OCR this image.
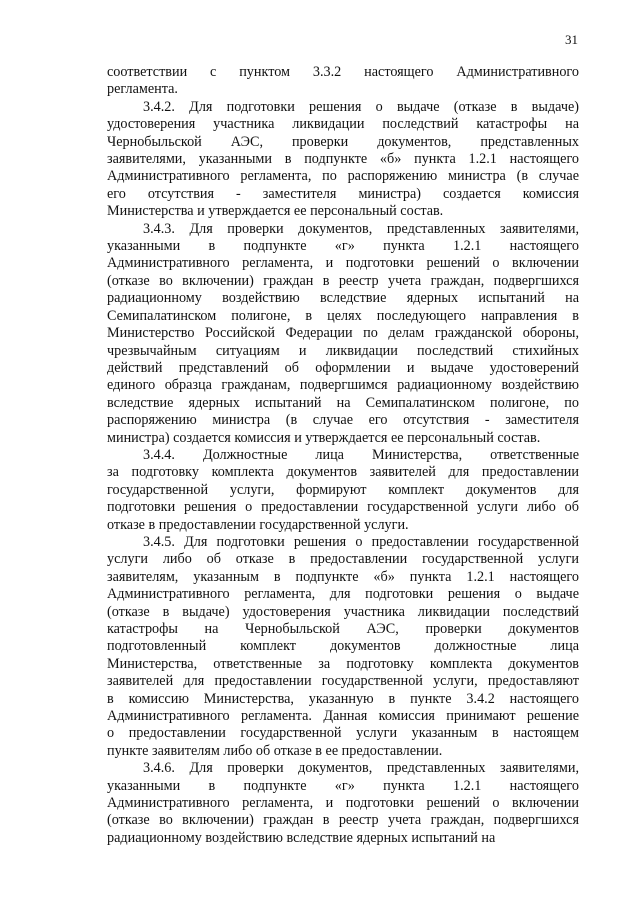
31
соответствии с пунктом 3.3.2 настоящего Административного
регламента.
3.4.2. Для подготовки решения о выдаче (отказе в выдаче)
удостоверения участника ликвидации последствий катастрофы на
Чернобыльской АЭС, проверки документов, представленных
заявителями, указанными в подпункте «б» пункта 1.2.1 настоящего
Административного регламента, по распоряжению министра (в случае
его отсутствия - заместителя министра) создается комиссия
Министерства и утверждается ее персональный состав.
3.4.3. Для проверки документов, представленных заявителями,
указанными в подпункте «г» пункта 1.2.1 настоящего
Административного регламента, и подготовки решений о включении
(отказе во включении) граждан в реестр учета граждан, подвергшихся
радиационному воздействию вследствие ядерных испытаний на
Семипалатинском полигоне, в целях последующего направления в
Министерство Российской Федерации по делам гражданской обороны,
чрезвычайным ситуациям и ликвидации последствий стихийных
действий представлений об оформлении и выдаче удостоверений
единого образца гражданам, подвергшимся радиационному воздействию
вследствие ядерных испытаний на Семипалатинском полигоне, по
распоряжению министра (в случае его отсутствия - заместителя
министра) создается комиссия и утверждается ее персональный состав.
3.4.4. Должностные лица Министерства, ответственные
за подготовку комплекта документов заявителей для предоставлении
государственной услуги, формируют комплект документов для
подготовки решения о предоставлении государственной услуги либо об
отказе в предоставлении государственной услуги.
3.4.5. Для подготовки решения о предоставлении государственной
услуги либо об отказе в предоставлении государственной услуги
заявителям, указанным в подпункте «б» пункта 1.2.1 настоящего
Административного регламента, для подготовки решения о выдаче
(отказе в выдаче) удостоверения участника ликвидации последствий
катастрофы на Чернобыльской АЭС, проверки документов
подготовленный комплект документов должностные лица
Министерства, ответственные за подготовку комплекта документов
заявителей для предоставлении государственной услуги, предоставляют
в комиссию Министерства, указанную в пункте 3.4.2 настоящего
Административного регламента. Данная комиссия принимают решение
о предоставлении государственной услуги указанным в настоящем
пункте заявителям либо об отказе в ее предоставлении.
3.4.6. Для проверки документов, представленных заявителями,
указанными в подпункте «г» пункта 1.2.1 настоящего
Административного регламента, и подготовки решений о включении
(отказе во включении) граждан в реестр учета граждан, подвергшихся
радиационному воздействию вследствие ядерных испытаний на
